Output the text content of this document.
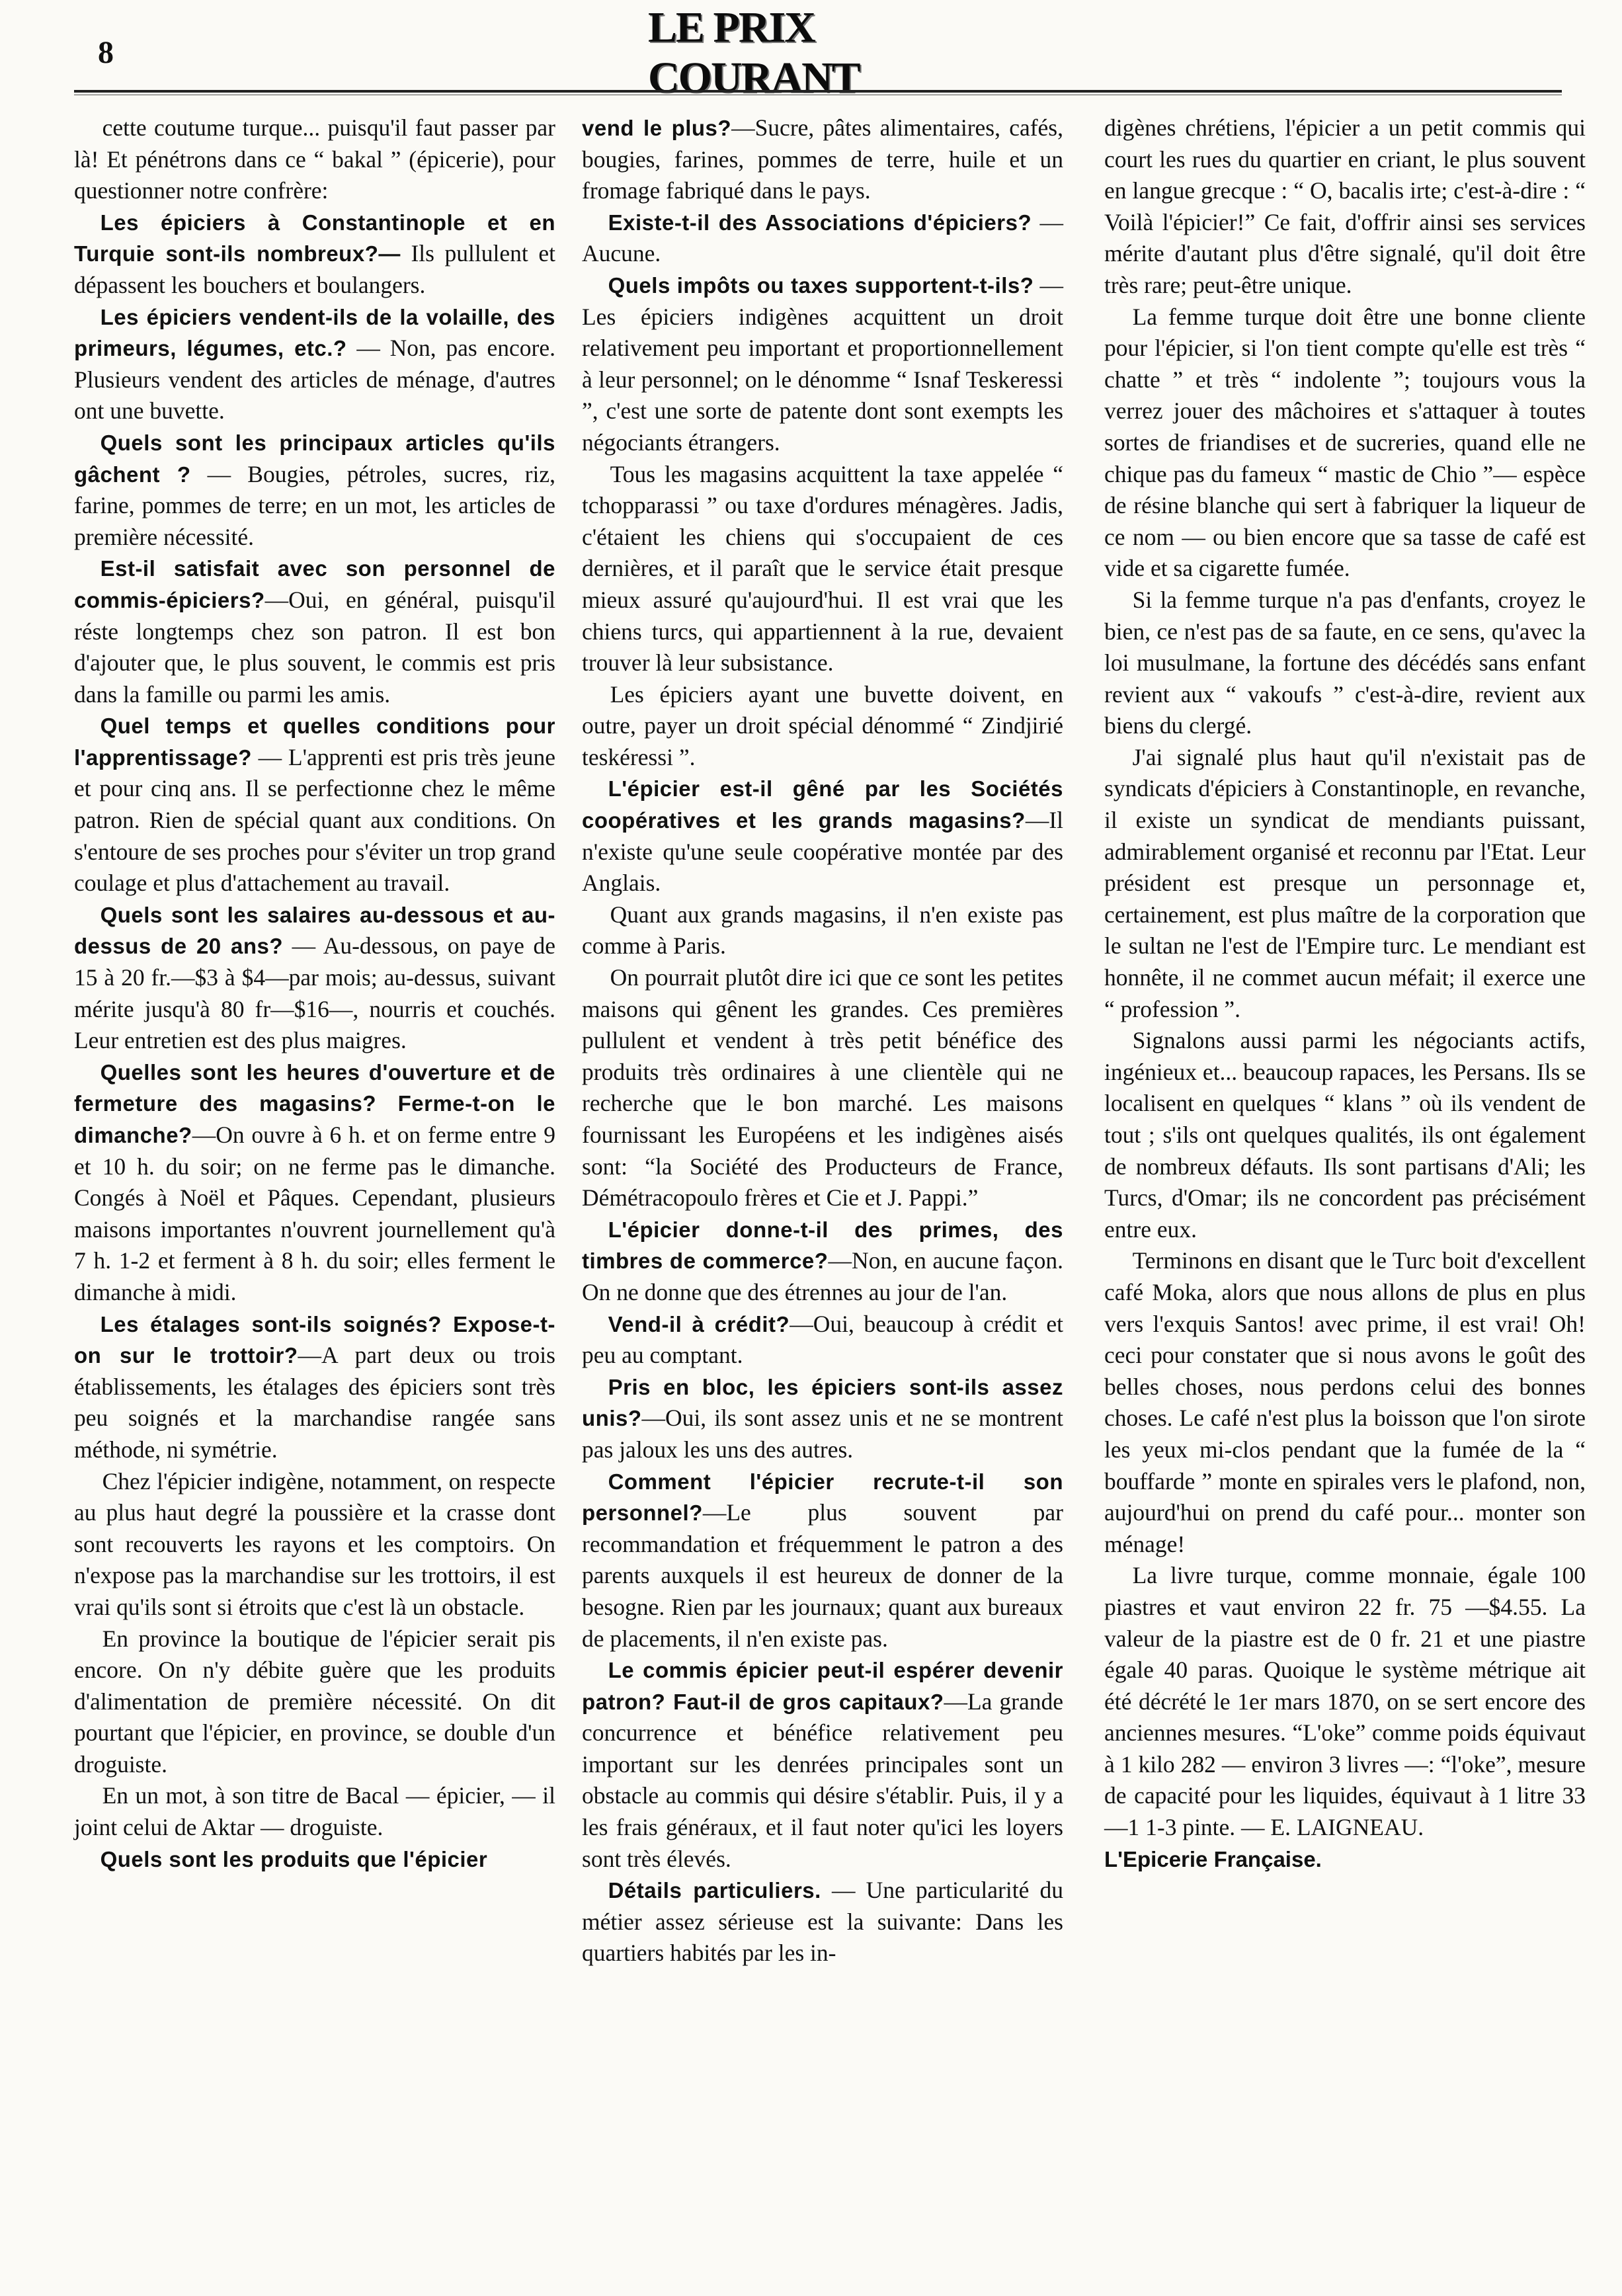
8
LE PRIX COURANT

cette coutume turque... puisqu'il faut passer par là! Et pénétrons dans ce “ bakal ” (épicerie), pour questionner notre confrère:

Les épiciers à Constantinople et en Turquie sont-ils nombreux?— Ils pullulent et dépassent les bouchers et boulangers.

Les épiciers vendent-ils de la volaille, des primeurs, légumes, etc.? — Non, pas encore. Plusieurs vendent des articles de ménage, d'autres ont une buvette.

Quels sont les principaux articles qu'ils gâchent ? — Bougies, pétroles, sucres, riz, farine, pommes de terre; en un mot, les articles de première nécessité.

Est-il satisfait avec son personnel de commis-épiciers?—Oui, en général, puisqu'il réste longtemps chez son patron. Il est bon d'ajouter que, le plus souvent, le commis est pris dans la famille ou parmi les amis.

Quel temps et quelles conditions pour l'apprentissage? — L'apprenti est pris très jeune et pour cinq ans. Il se perfectionne chez le même patron. Rien de spécial quant aux conditions. On s'entoure de ses proches pour s'éviter un trop grand coulage et plus d'attachement au travail.

Quels sont les salaires au-dessous et au-dessus de 20 ans? — Au-dessous, on paye de 15 à 20 fr.—$3 à $4—par mois; au-dessus, suivant mérite jusqu'à 80 fr—$16—, nourris et couchés. Leur entretien est des plus maigres.

Quelles sont les heures d'ouverture et de fermeture des magasins? Ferme-t-on le dimanche?—On ouvre à 6 h. et on ferme entre 9 et 10 h. du soir; on ne ferme pas le dimanche. Congés à Noël et Pâques. Cependant, plusieurs maisons importantes n'ouvrent journellement qu'à 7 h. 1-2 et ferment à 8 h. du soir; elles ferment le dimanche à midi.

Les étalages sont-ils soignés? Expose-t-on sur le trottoir?—A part deux ou trois établissements, les étalages des épiciers sont très peu soignés et la marchandise rangée sans méthode, ni symétrie.

Chez l'épicier indigène, notamment, on respecte au plus haut degré la poussière et la crasse dont sont recouverts les rayons et les comptoirs. On n'expose pas la marchandise sur les trottoirs, il est vrai qu'ils sont si étroits que c'est là un obstacle.

En province la boutique de l'épicier serait pis encore. On n'y débite guère que les produits d'alimentation de première nécessité. On dit pourtant que l'épicier, en province, se double d'un droguiste.

En un mot, à son titre de Bacal — épicier, — il joint celui de Aktar — droguiste.

Quels sont les produits que l'épicier

vend le plus?—Sucre, pâtes alimentaires, cafés, bougies, farines, pommes de terre, huile et un fromage fabriqué dans le pays.

Existe-t-il des Associations d'épiciers? — Aucune.

Quels impôts ou taxes supportent-t-ils? —Les épiciers indigènes acquittent un droit relativement peu important et proportionnellement à leur personnel; on le dénomme “ Isnaf Teskeressi ”, c'est une sorte de patente dont sont exempts les négociants étrangers.

Tous les magasins acquittent la taxe appelée “ tchopparassi ” ou taxe d'ordures ménagères. Jadis, c'étaient les chiens qui s'occupaient de ces dernières, et il paraît que le service était presque mieux assuré qu'aujourd'hui. Il est vrai que les chiens turcs, qui appartiennent à la rue, devaient trouver là leur subsistance.

Les épiciers ayant une buvette doivent, en outre, payer un droit spécial dénommé “ Zindjirié teskéressi ”.

L'épicier est-il gêné par les Sociétés coopératives et les grands magasins?—Il n'existe qu'une seule coopérative montée par des Anglais.

Quant aux grands magasins, il n'en existe pas comme à Paris.

On pourrait plutôt dire ici que ce sont les petites maisons qui gênent les grandes. Ces premières pullulent et vendent à très petit bénéfice des produits très ordinaires à une clientèle qui ne recherche que le bon marché. Les maisons fournissant les Européens et les indigènes aisés sont: “la Société des Producteurs de France, Démétracopoulo frères et Cie et J. Pappi.”

L'épicier donne-t-il des primes, des timbres de commerce?—Non, en aucune façon. On ne donne que des étrennes au jour de l'an.

Vend-il à crédit?—Oui, beaucoup à crédit et peu au comptant.

Pris en bloc, les épiciers sont-ils assez unis?—Oui, ils sont assez unis et ne se montrent pas jaloux les uns des autres.

Comment l'épicier recrute-t-il son personnel?—Le plus souvent par recommandation et fréquemment le patron a des parents auxquels il est heureux de donner de la besogne. Rien par les journaux; quant aux bureaux de placements, il n'en existe pas.

Le commis épicier peut-il espérer devenir patron? Faut-il de gros capitaux?—La grande concurrence et bénéfice relativement peu important sur les denrées principales sont un obstacle au commis qui désire s'établir. Puis, il y a les frais généraux, et il faut noter qu'ici les loyers sont très élevés.

Détails particuliers. — Une particularité du métier assez sérieuse est la suivante: Dans les quartiers habités par les in-

digènes chrétiens, l'épicier a un petit commis qui court les rues du quartier en criant, le plus souvent en langue grecque : “ O, bacalis irte; c'est-à-dire : “ Voilà l'épicier!” Ce fait, d'offrir ainsi ses services mérite d'autant plus d'être signalé, qu'il doit être très rare; peut-être unique.

La femme turque doit être une bonne cliente pour l'épicier, si l'on tient compte qu'elle est très “ chatte ” et très “ indolente ”; toujours vous la verrez jouer des mâchoires et s'attaquer à toutes sortes de friandises et de sucreries, quand elle ne chique pas du fameux “ mastic de Chio ”— espèce de résine blanche qui sert à fabriquer la liqueur de ce nom — ou bien encore que sa tasse de café est vide et sa cigarette fumée.

Si la femme turque n'a pas d'enfants, croyez le bien, ce n'est pas de sa faute, en ce sens, qu'avec la loi musulmane, la fortune des décédés sans enfant revient aux “ vakoufs ” c'est-à-dire, revient aux biens du clergé.

J'ai signalé plus haut qu'il n'existait pas de syndicats d'épiciers à Constantinople, en revanche, il existe un syndicat de mendiants puissant, admirablement organisé et reconnu par l'Etat. Leur président est presque un personnage et, certainement, est plus maître de la corporation que le sultan ne l'est de l'Empire turc. Le mendiant est honnête, il ne commet aucun méfait; il exerce une “ profession ”.

Signalons aussi parmi les négociants actifs, ingénieux et... beaucoup rapaces, les Persans. Ils se localisent en quelques “ klans ” où ils vendent de tout ; s'ils ont quelques qualités, ils ont également de nombreux défauts. Ils sont partisans d'Ali; les Turcs, d'Omar; ils ne concordent pas précisément entre eux.

Terminons en disant que le Turc boit d'excellent café Moka, alors que nous allons de plus en plus vers l'exquis Santos! avec prime, il est vrai! Oh! ceci pour constater que si nous avons le goût des belles choses, nous perdons celui des bonnes choses. Le café n'est plus la boisson que l'on sirote les yeux mi-clos pendant que la fumée de la “ bouffarde ” monte en spirales vers le plafond, non, aujourd'hui on prend du café pour... monter son ménage!

La livre turque, comme monnaie, égale 100 piastres et vaut environ 22 fr. 75 —$4.55. La valeur de la piastre est de 0 fr. 21 et une piastre égale 40 paras. Quoique le système métrique ait été décrété le 1er mars 1870, on se sert encore des anciennes mesures. “L'oke” comme poids équivaut à 1 kilo 282 — environ 3 livres —: “l'oke”, mesure de capacité pour les liquides, équivaut à 1 litre 33—1 1-3 pinte. — E. LAIGNEAU.

L'Epicerie Française.
